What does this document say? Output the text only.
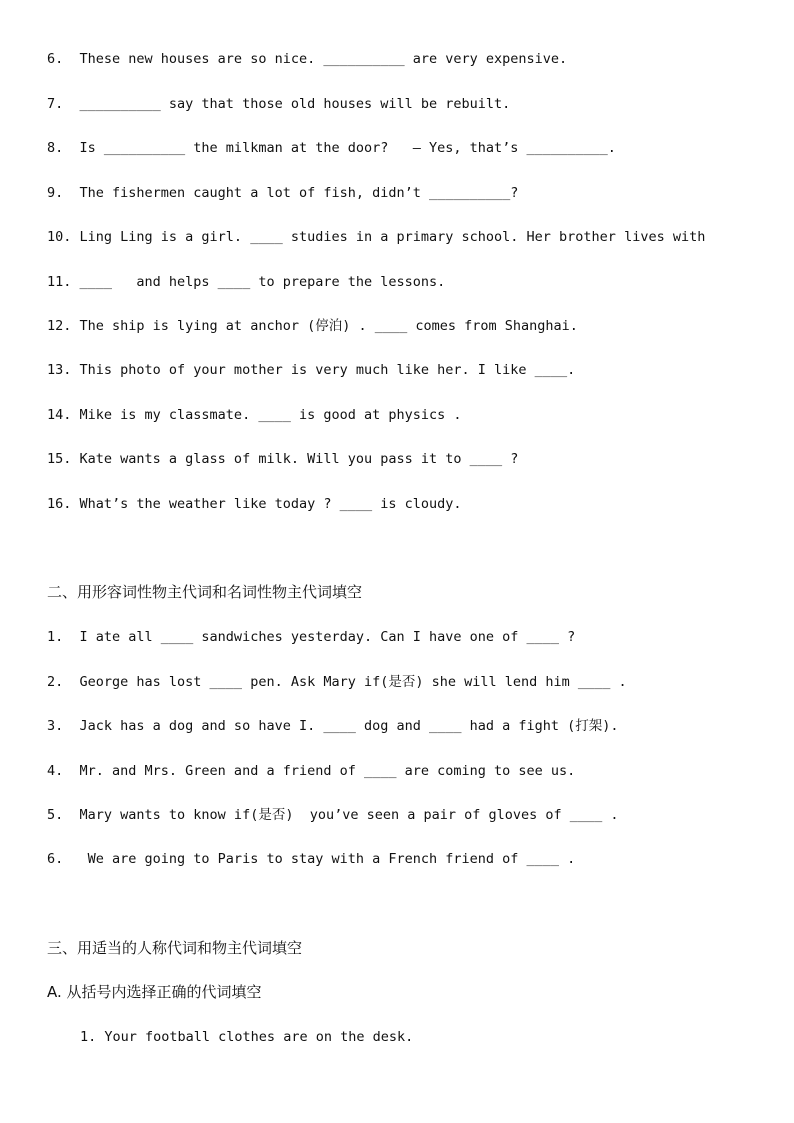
6.  These new houses are so nice. __________ are very expensive.
7.  __________ say that those old houses will be rebuilt.
8.  Is __________ the milkman at the door?   — Yes, that’s __________.
9.  The fishermen caught a lot of fish, didn’t __________?
10. Ling Ling is a girl. ____ studies in a primary school. Her brother lives with
11. ____   and helps ____ to prepare the lessons.
12. The ship is lying at anchor (停泊) . ____ comes from Shanghai.
13. This photo of your mother is very much like her. I like ____.
14. Mike is my classmate. ____ is good at physics .
15. Kate wants a glass of milk. Will you pass it to ____ ?
16. What’s the weather like today ? ____ is cloudy.
二、用形容词性物主代词和名词性物主代词填空
1.  I ate all ____ sandwiches yesterday. Can I have one of ____ ?
2.  George has lost ____ pen. Ask Mary if(是否) she will lend him ____ .
3.  Jack has a dog and so have I. ____ dog and ____ had a fight (打架).
4.  Mr. and Mrs. Green and a friend of ____ are coming to see us.
5.  Mary wants to know if(是否)  you’ve seen a pair of gloves of ____ .
6.   We are going to Paris to stay with a French friend of ____ .
三、用适当的人称代词和物主代词填空
A. 从括号内选择正确的代词填空
1. Your football clothes are on the desk.
